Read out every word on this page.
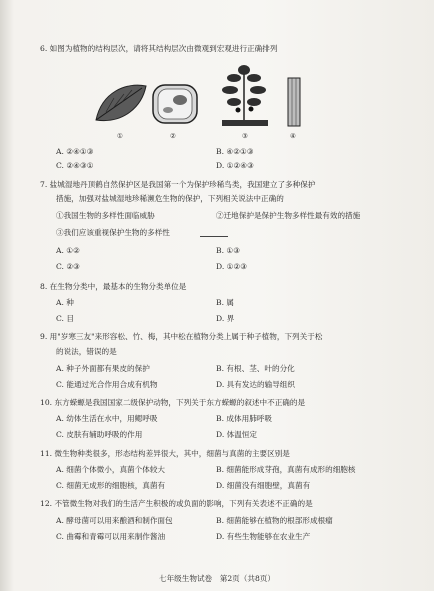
6. 如图为植物的结构层次，请将其结构层次由微观到宏观进行正确排列
①	②	③	④
A. ②④①③	B. ④②①③
C. ②④③①	D. ①②④③
7. 盐城湿地丹顶鹤自然保护区是我国第一个为保护珍稀鸟类，我国建立了多种保护
措施，加强对盐城湿地珍稀濒危生物的保护，下列相关说法中正确的
①我国生物的多样性面临威胁	②迁地保护是保护生物多样性最有效的措施
③我们应该重视保护生物的多样性
A. ①②	B. ①③
C. ②③	D. ①②③
8. 在生物分类中，最基本的生物分类单位是
A. 种	B. 属
C. 目	D. 界
9. 用"岁寒三友"来形容松、竹、梅，其中松在植物分类上属于种子植物，下列关于松
的说法，错误的是
A. 种子外面都有果皮的保护	B. 有根、茎、叶的分化
C. 能通过光合作用合成有机物	D. 具有发达的输导组织
10. 东方蝾螈是我国国家二级保护动物，下列关于东方蝾螈的叙述中不正确的是
A. 幼体生活在水中，用鳃呼吸	B. 成体用肺呼吸
C. 皮肤有辅助呼吸的作用	D. 体温恒定
11. 微生物种类很多，形态结构差异很大，其中，细菌与真菌的主要区别是
A. 细菌个体微小，真菌个体较大	B. 细菌能形成芽孢，真菌有成形的细胞核
C. 细菌无成形的细胞核，真菌有	D. 细菌没有细胞壁，真菌有
12. 不管微生物对我们的生活产生积极的或负面的影响，下列有关表述不正确的是
A. 酵母菌可以用来酿酒和制作面包	B. 细菌能够在植物的根部形成根瘤
C. 曲霉和青霉可以用来制作酱油	D. 有些生物能够在农业生产
七年级生物试卷　第2页（共8页）
